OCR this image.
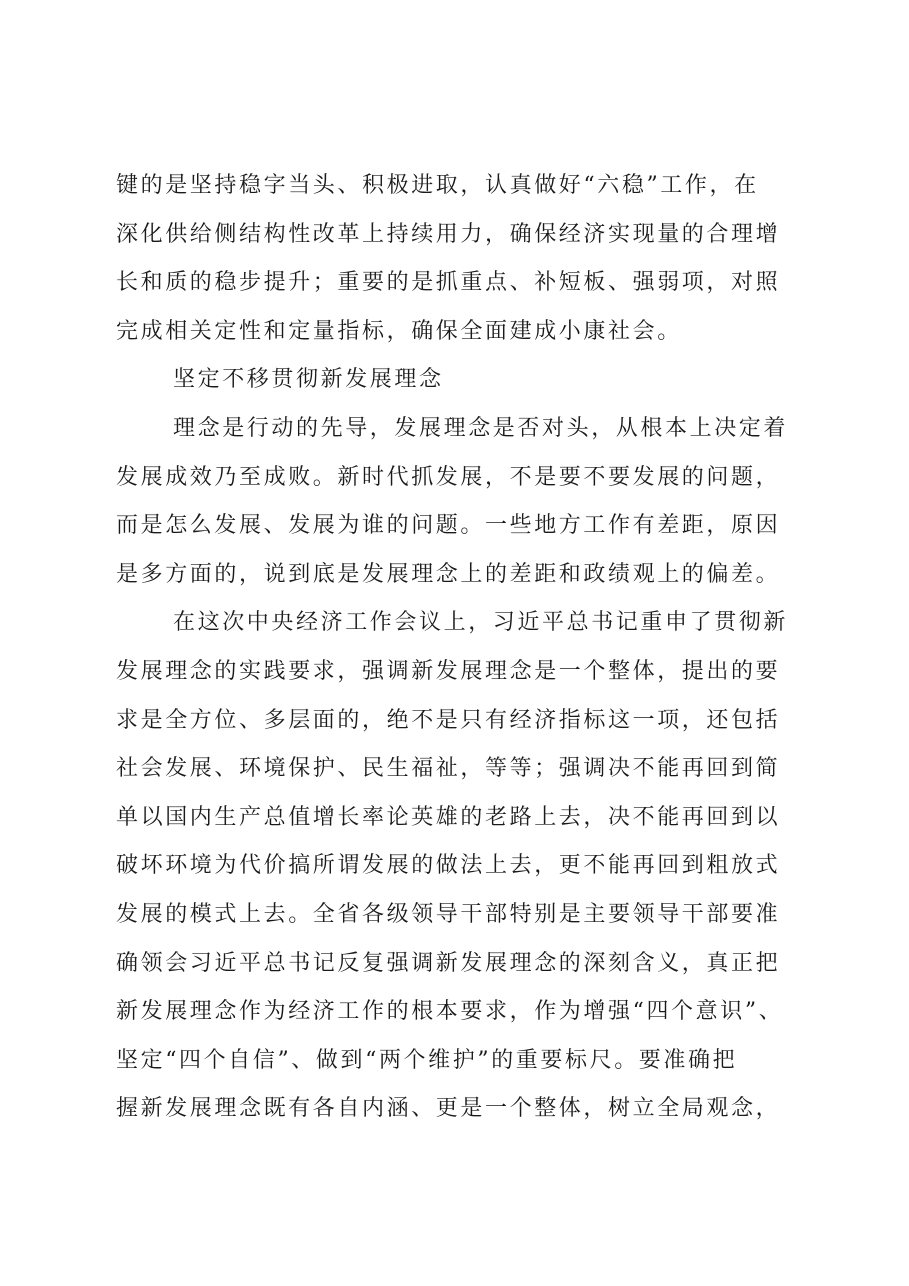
键的是坚持稳字当头、积极进取，认真做好“六稳”工作，在
深化供给侧结构性改革上持续用力，确保经济实现量的合理增
长和质的稳步提升；重要的是抓重点、补短板、强弱项，对照
完成相关定性和定量指标，确保全面建成小康社会。
坚定不移贯彻新发展理念
理念是行动的先导，发展理念是否对头，从根本上决定着
发展成效乃至成败。新时代抓发展，不是要不要发展的问题，
而是怎么发展、发展为谁的问题。一些地方工作有差距，原因
是多方面的，说到底是发展理念上的差距和政绩观上的偏差。
在这次中央经济工作会议上，习近平总书记重申了贯彻新
发展理念的实践要求，强调新发展理念是一个整体，提出的要
求是全方位、多层面的，绝不是只有经济指标这一项，还包括
社会发展、环境保护、民生福祉，等等；强调决不能再回到简
单以国内生产总值增长率论英雄的老路上去，决不能再回到以
破坏环境为代价搞所谓发展的做法上去，更不能再回到粗放式
发展的模式上去。全省各级领导干部特别是主要领导干部要准
确领会习近平总书记反复强调新发展理念的深刻含义，真正把
新发展理念作为经济工作的根本要求，作为增强“四个意识”、
坚定“四个自信”、做到“两个维护”的重要标尺。要准确把
握新发展理念既有各自内涵、更是一个整体，树立全局观念，
